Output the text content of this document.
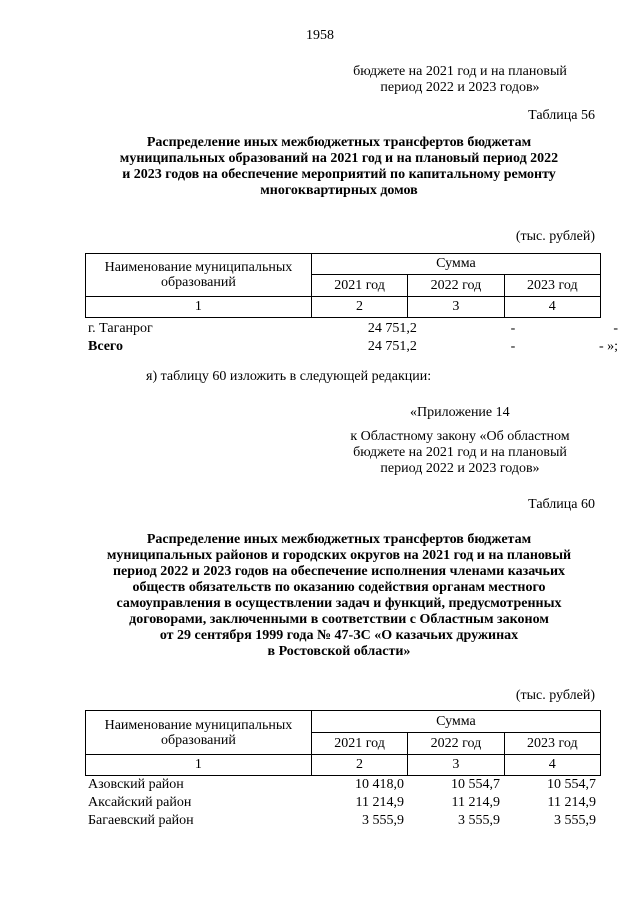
1958
бюджете на 2021 год и на плановый
период 2022 и 2023 годов»
Таблица 56
Распределение иных межбюджетных трансфертов бюджетам
муниципальных образований на 2021 год и на плановый период 2022
и 2023 годов на обеспечение мероприятий по капитальному ремонту
многоквартирных домов
(тыс. рублей)
Наименование муниципальных образований	Сумма		
	2021 год	2022 год	2023 год
1	2	3	4
г. Таганрог	24 751,2	-	-
Всего	24 751,2	-	- »;
я) таблицу 60 изложить в следующей редакции:
«Приложение 14
к Областному закону «Об областном
бюджете на 2021 год и на плановый
период 2022 и 2023 годов»
Таблица 60
Распределение иных межбюджетных трансфертов бюджетам
муниципальных районов и городских округов на 2021 год и на плановый
период 2022 и 2023 годов на обеспечение исполнения членами казачьих
обществ обязательств по оказанию содействия органам местного
самоуправления в осуществлении задач и функций, предусмотренных
договорами, заключенными в соответствии с Областным законом
от 29 сентября 1999 года № 47-ЗС «О казачьих дружинах
в Ростовской области»
(тыс. рублей)
Наименование муниципальных образований	Сумма		
	2021 год	2022 год	2023 год
1	2	3	4
Азовский район	10 418,0	10 554,7	10 554,7
Аксайский район	11 214,9	11 214,9	11 214,9
Багаевский район	3 555,9	3 555,9	3 555,9
